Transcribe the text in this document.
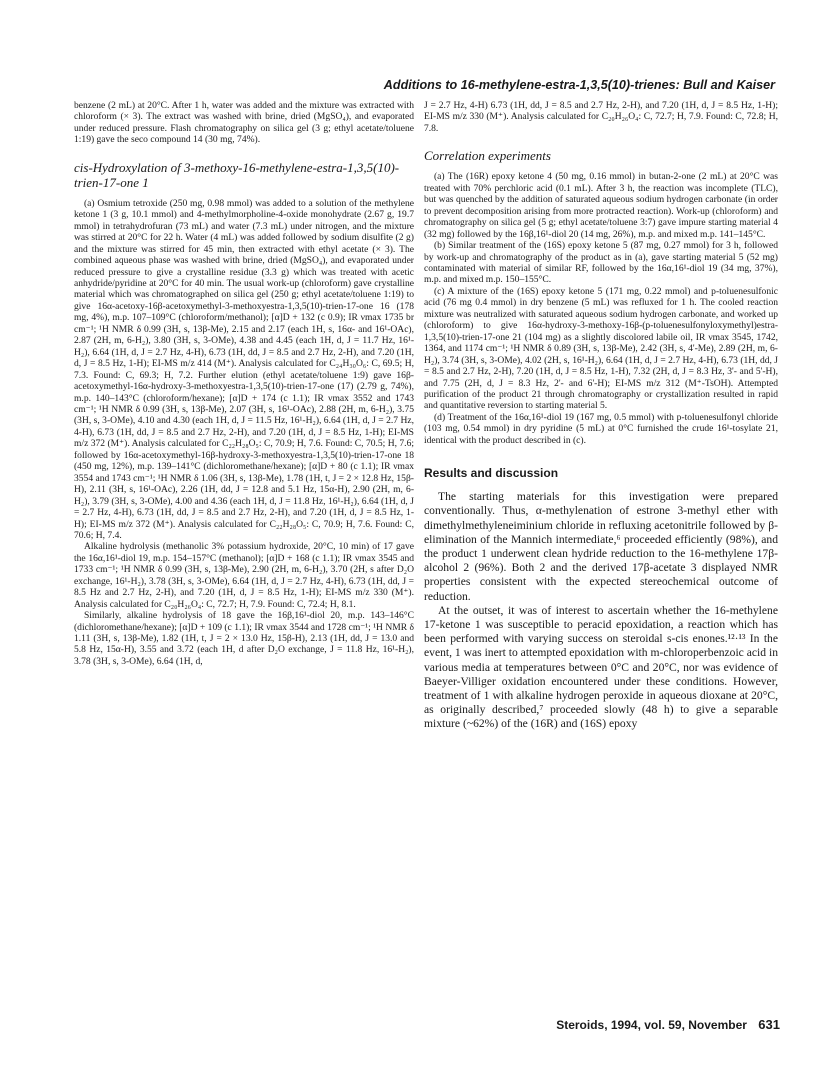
Additions to 16-methylene-estra-1,3,5(10)-trienes: Bull and Kaiser

benzene (2 mL) at 20°C. After 1 h, water was added and the mixture was extracted with chloroform (× 3). The extract was washed with brine, dried (MgSO₄), and evaporated under reduced pressure. Flash chromatography on silica gel (3 g; ethyl acetate/toluene 1:19) gave the seco compound 14 (30 mg, 74%).

cis-Hydroxylation of 3-methoxy-16-methylene-estra-1,3,5(10)-trien-17-one 1

(a) Osmium tetroxide (250 mg, 0.98 mmol) was added to a solution of the methylene ketone 1 (3 g, 10.1 mmol) and 4-methylmorpholine-4-oxide monohydrate (2.67 g, 19.7 mmol) in tetrahydrofuran (73 mL) and water (7.3 mL) under nitrogen, and the mixture was stirred at 20°C for 22 h. Water (4 mL) was added followed by sodium disulfite (2 g) and the mixture was stirred for 45 min, then extracted with ethyl acetate (× 3). The combined aqueous phase was washed with brine, dried (MgSO₄), and evaporated under reduced pressure to give a crystalline residue (3.3 g) which was treated with acetic anhydride/pyridine at 20°C for 40 min. The usual work-up (chloroform) gave crystalline material which was chromatographed on silica gel (250 g; ethyl acetate/toluene 1:19) to give 16α-acetoxy-16β-acetoxymethyl-3-methoxyestra-1,3,5(10)-trien-17-one 16 (178 mg, 4%), m.p. 107–109°C (chloroform/methanol); [α]D + 132 (c 0.9); IR νmax 1735 br cm⁻¹; ¹H NMR δ 0.99 (3H, s, 13β-Me), 2.15 and 2.17 (each 1H, s, 16α- and 16¹-OAc), 2.87 (2H, m, 6-H₂), 3.80 (3H, s, 3-OMe), 4.38 and 4.45 (each 1H, d, J = 11.7 Hz, 16¹-H₂), 6.64 (1H, d, J = 2.7 Hz, 4-H), 6.73 (1H, dd, J = 8.5 and 2.7 Hz, 2-H), and 7.20 (1H, d, J = 8.5 Hz, 1-H); EI-MS m/z 414 (M⁺). Analysis calculated for C₂₄H₃₀O₆: C, 69.5; H, 7.3. Found: C, 69.3; H, 7.2. Further elution (ethyl acetate/toluene 1:9) gave 16β-acetoxymethyl-16α-hydroxy-3-methoxyestra-1,3,5(10)-trien-17-one (17) (2.79 g, 74%), m.p. 140–143°C (chloroform/hexane); [α]D + 174 (c 1.1); IR νmax 3552 and 1743 cm⁻¹; ¹H NMR δ 0.99 (3H, s, 13β-Me), 2.07 (3H, s, 16¹-OAc), 2.88 (2H, m, 6-H₂), 3.75 (3H, s, 3-OMe), 4.10 and 4.30 (each 1H, d, J = 11.5 Hz, 16¹-H₂), 6.64 (1H, d, J = 2.7 Hz, 4-H), 6.73 (1H, dd, J = 8.5 and 2.7 Hz, 2-H), and 7.20 (1H, d, J = 8.5 Hz, 1-H); EI-MS m/z 372 (M⁺). Analysis calculated for C₂₂H₂₈O₅: C, 70.9; H, 7.6. Found: C, 70.5; H, 7.6; followed by 16α-acetoxymethyl-16β-hydroxy-3-methoxyestra-1,3,5(10)-trien-17-one 18 (450 mg, 12%), m.p. 139–141°C (dichloromethane/hexane); [α]D + 80 (c 1.1); IR νmax 3554 and 1743 cm⁻¹; ¹H NMR δ 1.06 (3H, s, 13β-Me), 1.78 (1H, t, J = 2 × 12.8 Hz, 15β-H), 2.11 (3H, s, 16¹-OAc), 2.26 (1H, dd, J = 12.8 and 5.1 Hz, 15α-H), 2.90 (2H, m, 6-H₂), 3.79 (3H, s, 3-OMe), 4.00 and 4.36 (each 1H, d, J = 11.8 Hz, 16¹-H₂), 6.64 (1H, d, J = 2.7 Hz, 4-H), 6.73 (1H, dd, J = 8.5 and 2.7 Hz, 2-H), and 7.20 (1H, d, J = 8.5 Hz, 1-H); EI-MS m/z 372 (M⁺). Analysis calculated for C₂₂H₂₈O₅: C, 70.9; H, 7.6. Found: C, 70.6; H, 7.4.

Alkaline hydrolysis (methanolic 3% potassium hydroxide, 20°C, 10 min) of 17 gave the 16α,16¹-diol 19, m.p. 154–157°C (methanol); [α]D + 168 (c 1.1); IR νmax 3545 and 1733 cm⁻¹; ¹H NMR δ 0.99 (3H, s, 13β-Me), 2.90 (2H, m, 6-H₂), 3.70 (2H, s after D₂O exchange, 16¹-H₂), 3.78 (3H, s, 3-OMe), 6.64 (1H, d, J = 2.7 Hz, 4-H), 6.73 (1H, dd, J = 8.5 Hz and 2.7 Hz, 2-H), and 7.20 (1H, d, J = 8.5 Hz, 1-H); EI-MS m/z 330 (M⁺). Analysis calculated for C₂₀H₂₆O₄: C, 72.7; H, 7.9. Found: C, 72.4; H, 8.1.

Similarly, alkaline hydrolysis of 18 gave the 16β,16¹-diol 20, m.p. 143–146°C (dichloromethane/hexane); [α]D + 109 (c 1.1); IR νmax 3544 and 1728 cm⁻¹; ¹H NMR δ 1.11 (3H, s, 13β-Me), 1.82 (1H, t, J = 2 × 13.0 Hz, 15β-H), 2.13 (1H, dd, J = 13.0 and 5.8 Hz, 15α-H), 3.55 and 3.72 (each 1H, d after D₂O exchange, J = 11.8 Hz, 16¹-H₂), 3.78 (3H, s, 3-OMe), 6.64 (1H, d,

J = 2.7 Hz, 4-H) 6.73 (1H, dd, J = 8.5 and 2.7 Hz, 2-H), and 7.20 (1H, d, J = 8.5 Hz, 1-H); EI-MS m/z 330 (M⁺). Analysis calculated for C₂₀H₂₆O₄: C, 72.7; H, 7.9. Found: C, 72.8; H, 7.8.

Correlation experiments

(a) The (16R) epoxy ketone 4 (50 mg, 0.16 mmol) in butan-2-one (2 mL) at 20°C was treated with 70% perchloric acid (0.1 mL). After 3 h, the reaction was incomplete (TLC), but was quenched by the addition of saturated aqueous sodium hydrogen carbonate (in order to prevent decomposition arising from more protracted reaction). Work-up (chloroform) and chromatography on silica gel (5 g; ethyl acetate/toluene 3:7) gave impure starting material 4 (32 mg) followed by the 16β,16¹-diol 20 (14 mg, 26%), m.p. and mixed m.p. 141–145°C.

(b) Similar treatment of the (16S) epoxy ketone 5 (87 mg, 0.27 mmol) for 3 h, followed by work-up and chromatography of the product as in (a), gave starting material 5 (52 mg) contaminated with material of similar RF, followed by the 16α,16¹-diol 19 (34 mg, 37%), m.p. and mixed m.p. 150–155°C.

(c) A mixture of the (16S) epoxy ketone 5 (171 mg, 0.22 mmol) and p-toluenesulfonic acid (76 mg 0.4 mmol) in dry benzene (5 mL) was refluxed for 1 h. The cooled reaction mixture was neutralized with saturated aqueous sodium hydrogen carbonate, and worked up (chloroform) to give 16α-hydroxy-3-methoxy-16β-(p-toluenesulfonyloxymethyl)estra-1,3,5(10)-trien-17-one 21 (104 mg) as a slightly discolored labile oil, IR νmax 3545, 1742, 1364, and 1174 cm⁻¹; ¹H NMR δ 0.89 (3H, s, 13β-Me), 2.42 (3H, s, 4'-Me), 2.89 (2H, m, 6-H₂), 3.74 (3H, s, 3-OMe), 4.02 (2H, s, 16¹-H₂), 6.64 (1H, d, J = 2.7 Hz, 4-H), 6.73 (1H, dd, J = 8.5 and 2.7 Hz, 2-H), 7.20 (1H, d, J = 8.5 Hz, 1-H), 7.32 (2H, d, J = 8.3 Hz, 3'- and 5'-H), and 7.75 (2H, d, J = 8.3 Hz, 2'- and 6'-H); EI-MS m/z 312 (M⁺-TsOH). Attempted purification of the product 21 through chromatography or crystallization resulted in rapid and quantitative reversion to starting material 5.

(d) Treatment of the 16α,16¹-diol 19 (167 mg, 0.5 mmol) with p-toluenesulfonyl chloride (103 mg, 0.54 mmol) in dry pyridine (5 mL) at 0°C furnished the crude 16¹-tosylate 21, identical with the product described in (c).

Results and discussion

The starting materials for this investigation were prepared conventionally. Thus, α-methylenation of estrone 3-methyl ether with dimethylmethyleneiminium chloride in refluxing acetonitrile followed by β-elimination of the Mannich intermediate,⁶ proceeded efficiently (98%), and the product 1 underwent clean hydride reduction to the 16-methylene 17β-alcohol 2 (96%). Both 2 and the derived 17β-acetate 3 displayed NMR properties consistent with the expected stereochemical outcome of reduction.

At the outset, it was of interest to ascertain whether the 16-methylene 17-ketone 1 was susceptible to peracid epoxidation, a reaction which has been performed with varying success on steroidal s-cis enones.¹²·¹³ In the event, 1 was inert to attempted epoxidation with m-chloroperbenzoic acid in various media at temperatures between 0°C and 20°C, nor was evidence of Baeyer-Villiger oxidation encountered under these conditions. However, treatment of 1 with alkaline hydrogen peroxide in aqueous dioxane at 20°C, as originally described,⁷ proceeded slowly (48 h) to give a separable mixture (~62%) of the (16R) and (16S) epoxy

Steroids, 1994, vol. 59, November 631
